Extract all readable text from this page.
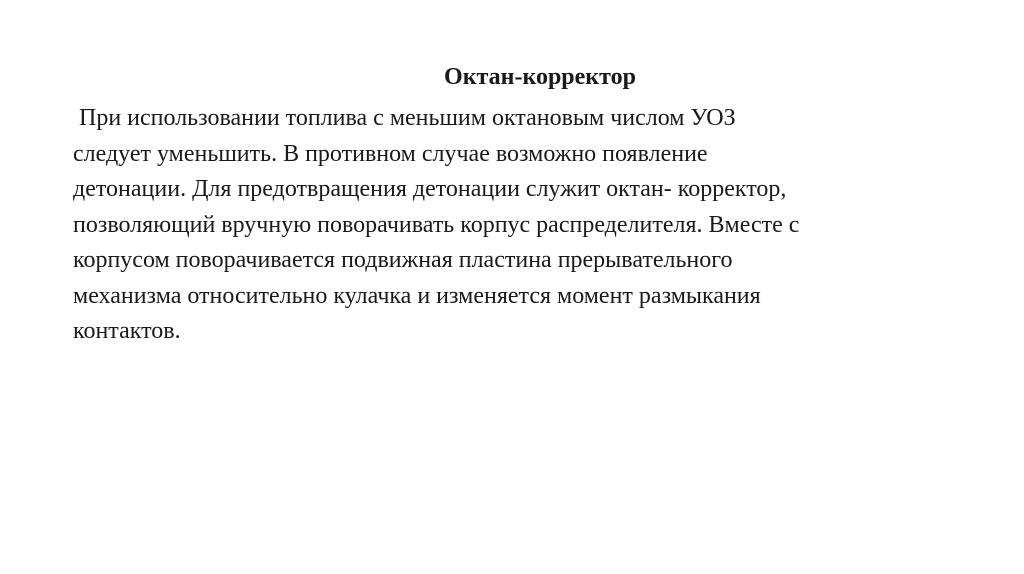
Октан-корректор
При использовании топлива с меньшим октановым числом УОЗ
следует уменьшить. В противном случае возможно появление
детонации. Для предотвращения детонации служит октан- корректор,
позволяющий вручную поворачивать корпус распределителя. Вместе с
корпусом поворачивается подвижная пластина прерывательного
механизма относительно кулачка и изменяется момент размыкания
контактов.
